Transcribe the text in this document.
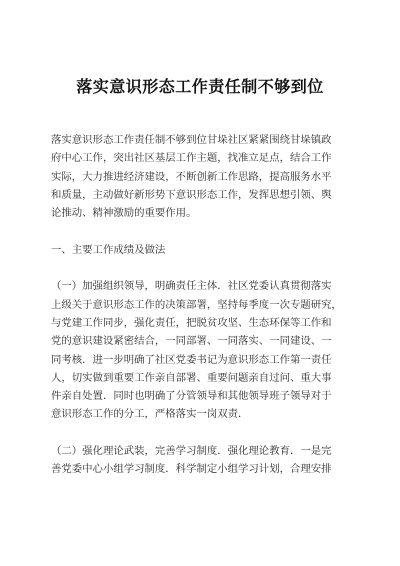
落实意识形态工作责任制不够到位
落实意识形态工作责任制不够到位甘垛社区紧紧围绕甘垛镇政
府中心工作，突出社区基层工作主题，找准立足点，结合工作
实际，大力推进经济建设，不断创新工作思路，提高服务水平
和质量，主动做好新形势下意识形态工作，发挥思想引领、舆
论推动、精神激励的重要作用。
一、主要工作成绩及做法
（一）加强组织领导，明确责任主体．社区党委认真贯彻落实
上级关于意识形态工作的决策部署，坚持每季度一次专题研究，
与党建工作同步，强化责任，把脱贫攻坚、生态环保等工作和
党的意识建设紧密结合，一同部署、一同落实、一同建设、一
同考核．进一步明确了社区党委书记为意识形态工作第一责任
人，切实做到重要工作亲自部署、重要问题亲自过问、重大事
件亲自处置．同时也明确了分管领导和其他领导班子领导对于
意识形态工作的分工，严格落实一岗双责．
（二）强化理论武装，完善学习制度．强化理论教育．一是完
善党委中心小组学习制度．科学制定小组学习计划，合理安排
